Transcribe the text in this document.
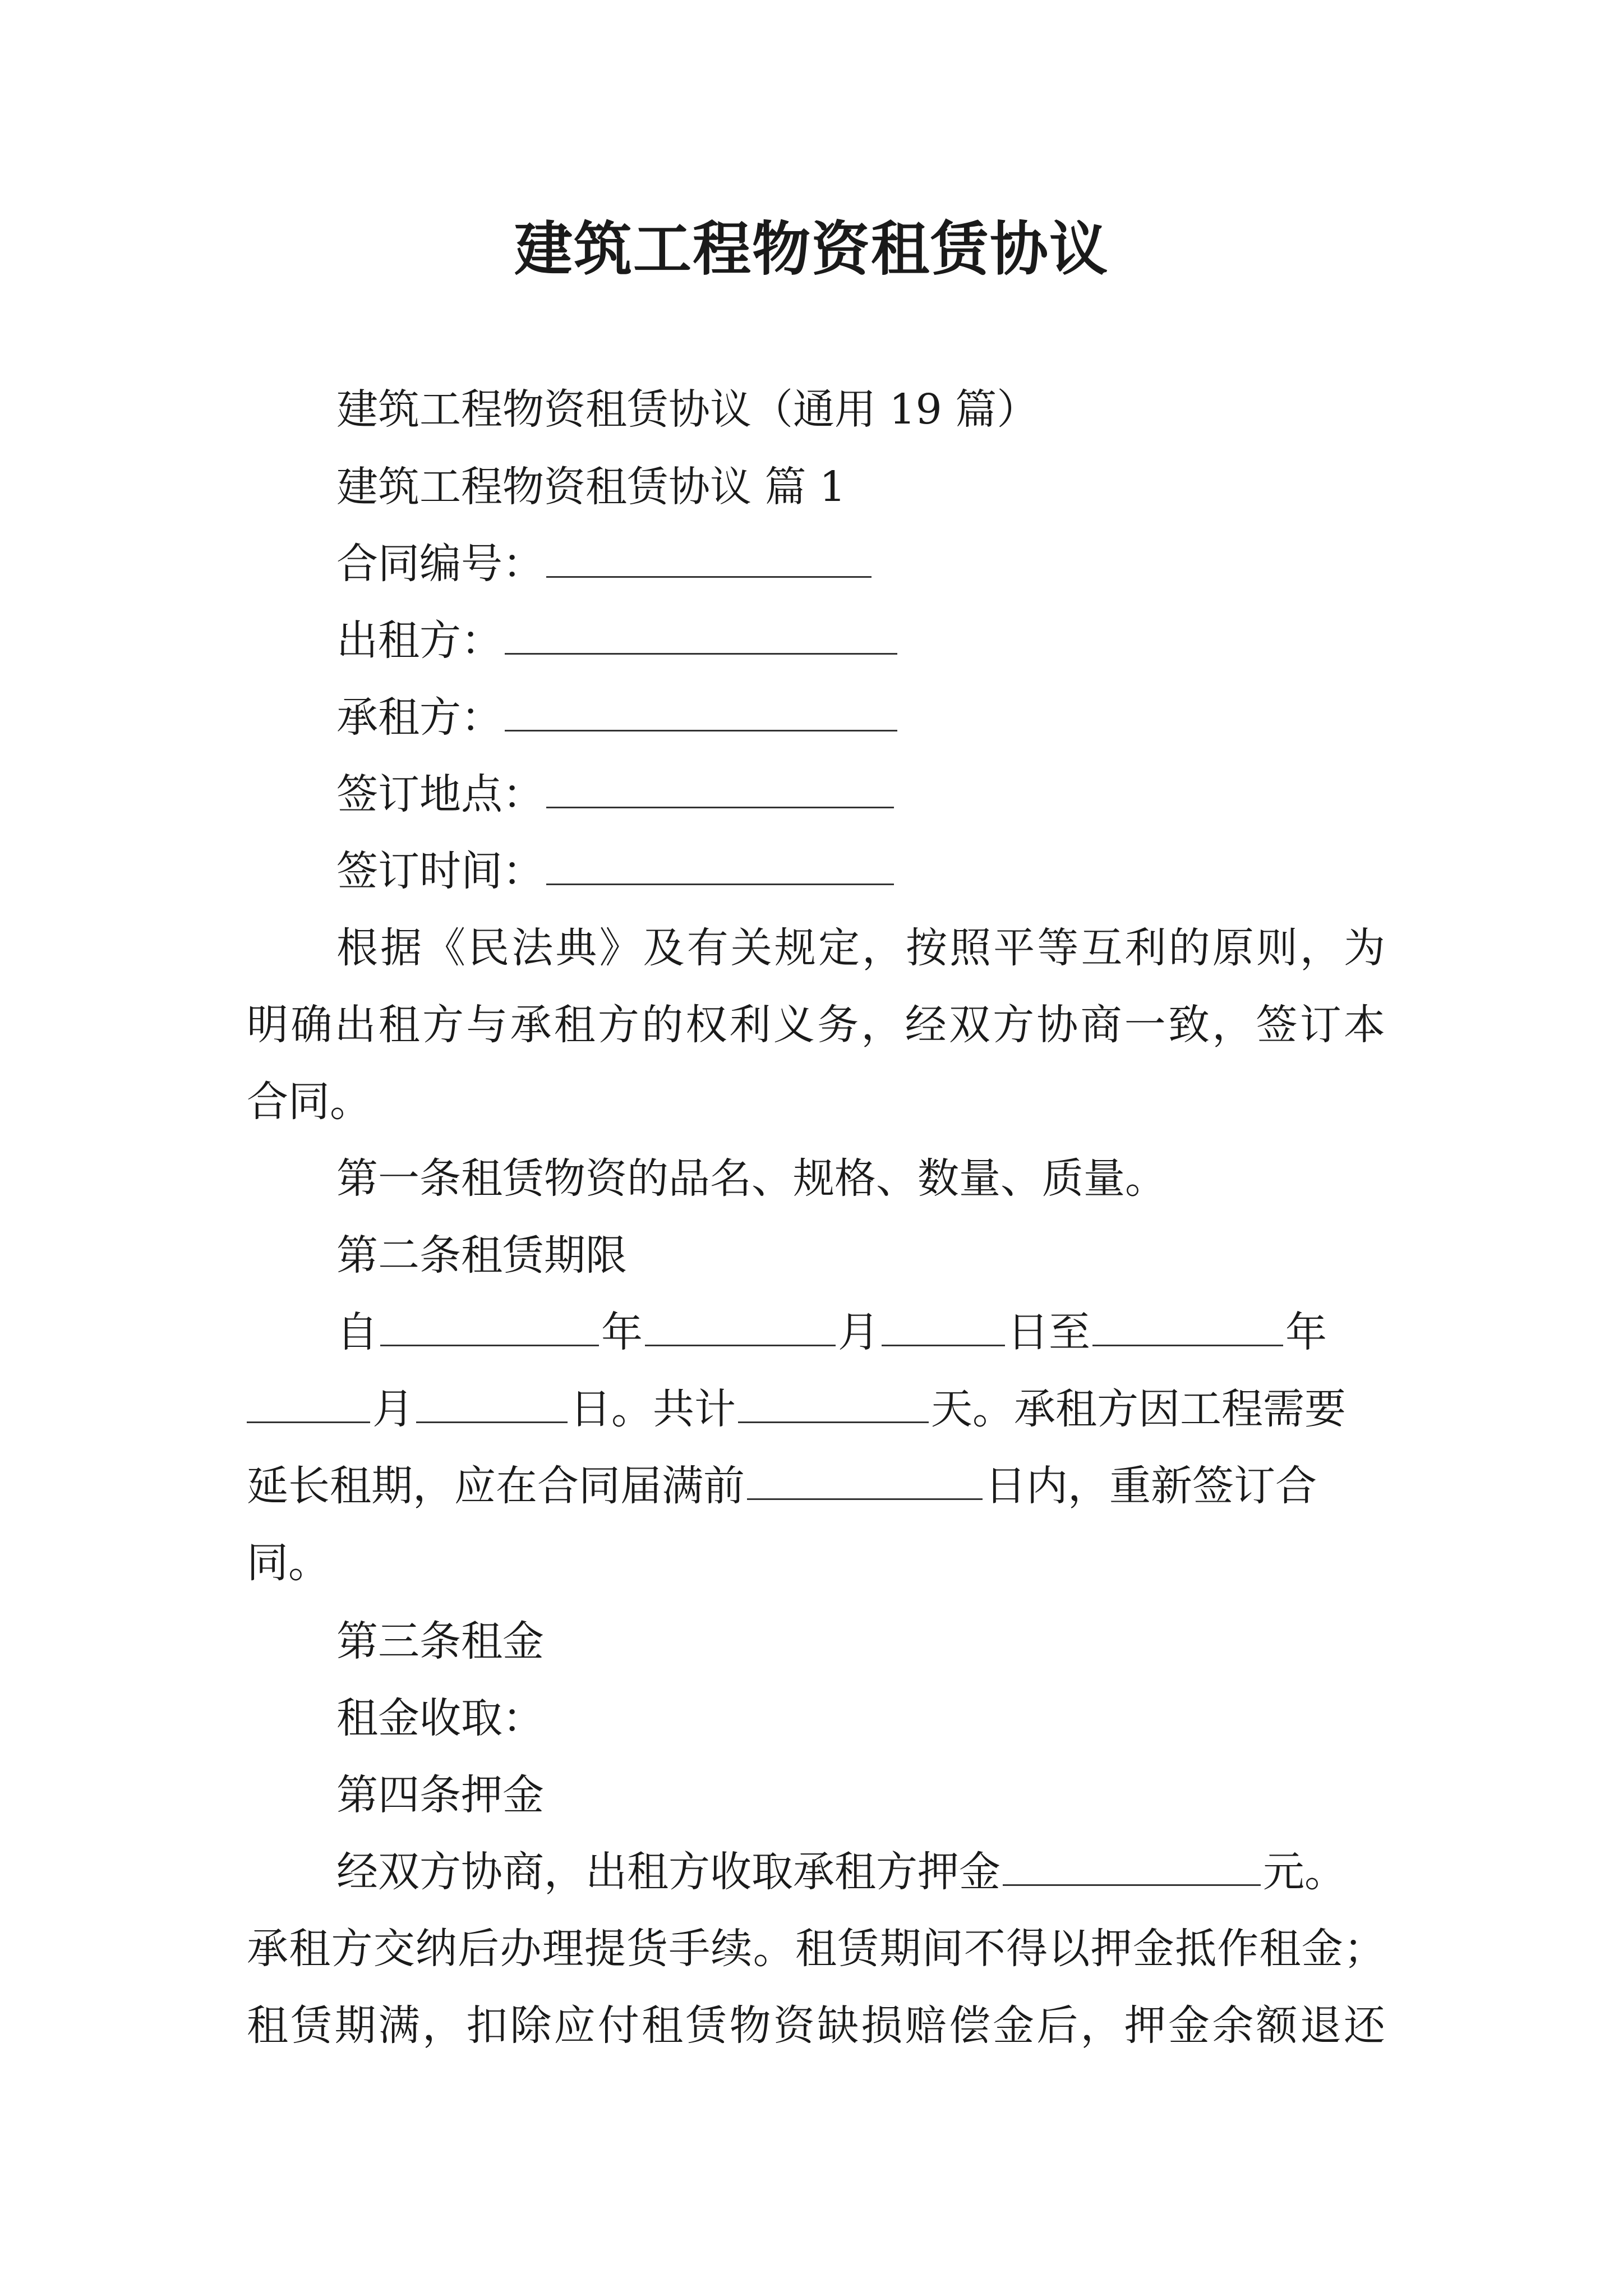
建筑工程物资租赁协议
建筑工程物资租赁协议（通用 19 篇）
建筑工程物资租赁协议 篇 1
合同编号：
出租方：
承租方：
签订地点：
签订时间：
根据《民法典》及有关规定，按照平等互利的原则，为
明确出租方与承租方的权利义务，经双方协商一致，签订本
合同。
第一条租赁物资的品名、规格、数量、质量。
第二条租赁期限
自	年	月	日至	年
月	日。共计	天。承租方因工程需要
延长租期，应在合同届满前	日内，重新签订合
同。
第三条租金
租金收取：
第四条押金
经双方协商，出租方收取承租方押金	元。
承租方交纳后办理提货手续。租赁期间不得以押金抵作租金；
租赁期满，扣除应付租赁物资缺损赔偿金后，押金余额退还
